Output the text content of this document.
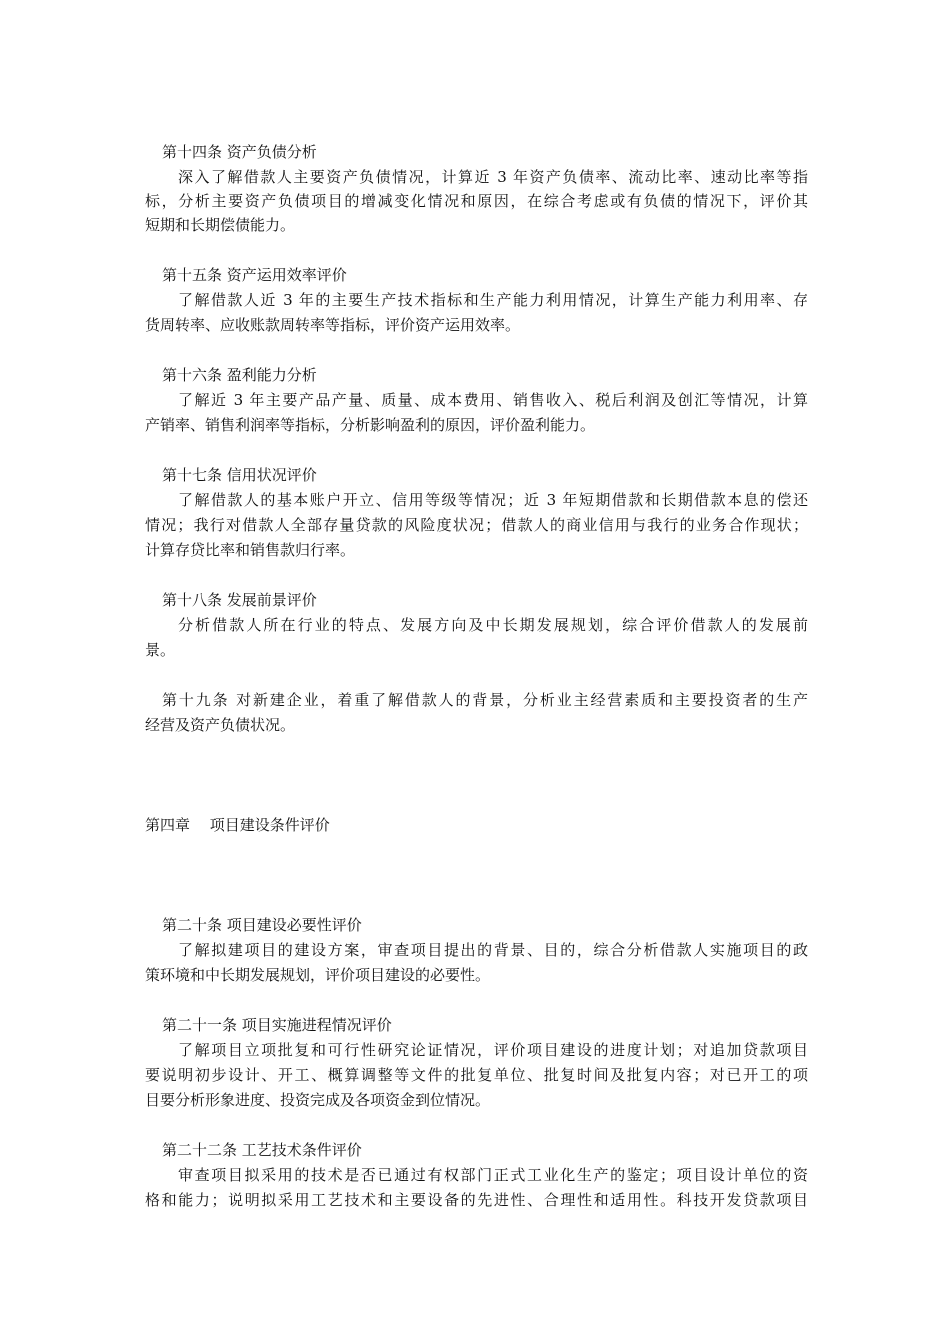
第十四条 资产负债分析
深入了解借款人主要资产负债情况，计算近 3 年资产负债率、流动比率、速动比率等指
标，分析主要资产负债项目的增减变化情况和原因，在综合考虑或有负债的情况下，评价其
短期和长期偿债能力。
第十五条 资产运用效率评价
了解借款人近 3 年的主要生产技术指标和生产能力利用情况，计算生产能力利用率、存
货周转率、应收账款周转率等指标，评价资产运用效率。
第十六条 盈利能力分析
了解近 3 年主要产品产量、质量、成本费用、销售收入、税后利润及创汇等情况，计算
产销率、销售利润率等指标，分析影响盈利的原因，评价盈利能力。
第十七条 信用状况评价
了解借款人的基本账户开立、信用等级等情况；近 3 年短期借款和长期借款本息的偿还
情况；我行对借款人全部存量贷款的风险度状况；借款人的商业信用与我行的业务合作现状；
计算存贷比率和销售款归行率。
第十八条 发展前景评价
分析借款人所在行业的特点、发展方向及中长期发展规划，综合评价借款人的发展前
景。
第十九条 对新建企业，着重了解借款人的背景，分析业主经营素质和主要投资者的生产
经营及资产负债状况。
第四章　 项目建设条件评价
第二十条 项目建设必要性评价
了解拟建项目的建设方案，审查项目提出的背景、目的，综合分析借款人实施项目的政
策环境和中长期发展规划，评价项目建设的必要性。
第二十一条 项目实施进程情况评价
了解项目立项批复和可行性研究论证情况，评价项目建设的进度计划；对追加贷款项目
要说明初步设计、开工、概算调整等文件的批复单位、批复时间及批复内容；对已开工的项
目要分析形象进度、投资完成及各项资金到位情况。
第二十二条 工艺技术条件评价
审查项目拟采用的技术是否已通过有权部门正式工业化生产的鉴定；项目设计单位的资
格和能力；说明拟采用工艺技术和主要设备的先进性、合理性和适用性。科技开发贷款项目
